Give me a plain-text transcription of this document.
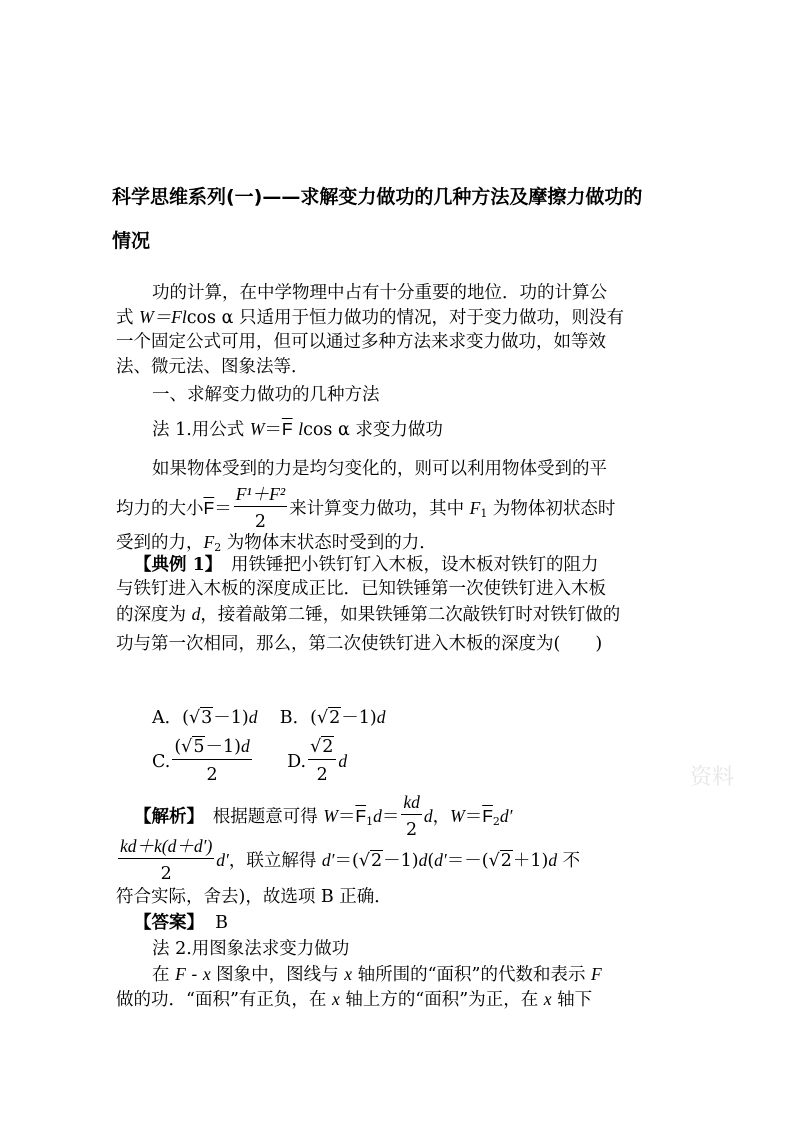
科学思维系列(一)——求解变力做功的几种方法及摩擦力做功的
情况
功的计算，在中学物理中占有十分重要的地位．功的计算公
式 W＝Flcos α 只适用于恒力做功的情况，对于变力做功，则没有
一个固定公式可用，但可以通过多种方法来求变力做功，如等效
法、微元法、图象法等．
一、求解变力做功的几种方法
法 1.用公式 $W=\overline{F}$ lcos α 求变力做功
如果物体受到的力是均匀变化的，则可以利用物体受到的平
均力的大小$\overline{F}= \frac{\text{F¹＋F²}}{2}$ 来计算变力做功，其中 $F_1$ 为物体初状态时
受到的力，$F_2$ 为物体末状态时受到的力．
【典例 1】　用铁锤把小铁钉钉入木板，设木板对铁钉的阻力
与铁钉进入木板的深度成正比．已知铁锤第一次使铁钉进入木板
的深度为 d，接着敲第二锤，如果铁锤第二次敲铁钉时对铁钉做的
功与第一次相同，那么，第二次使铁钉进入木板的深度为(　　)
A．(√3－1)d B．(√2－1)d
C. $\frac{(√5-1)d}{2} D$. $\frac{√2}{2}$ d
【解析】　根据题意可得 $W=\overline{F}_1d= \frac{kd}{2}$ d，$W=\overline{F}_2d'$
$\frac{kd+k(d+d')}{2} d'$，联立解得 d′＝(√2－1)d(d′＝－(√2＋1)d 不
符合实际，舍去)，故选项 B 正确．
【答案】 B
法 2.用图象法求变力做功
在 F - x 图象中，图线与 x 轴所围的“面积”的代数和表示 F
做的功．“面积”有正负，在 x 轴上方的“面积”为正，在 x 轴下
资料
